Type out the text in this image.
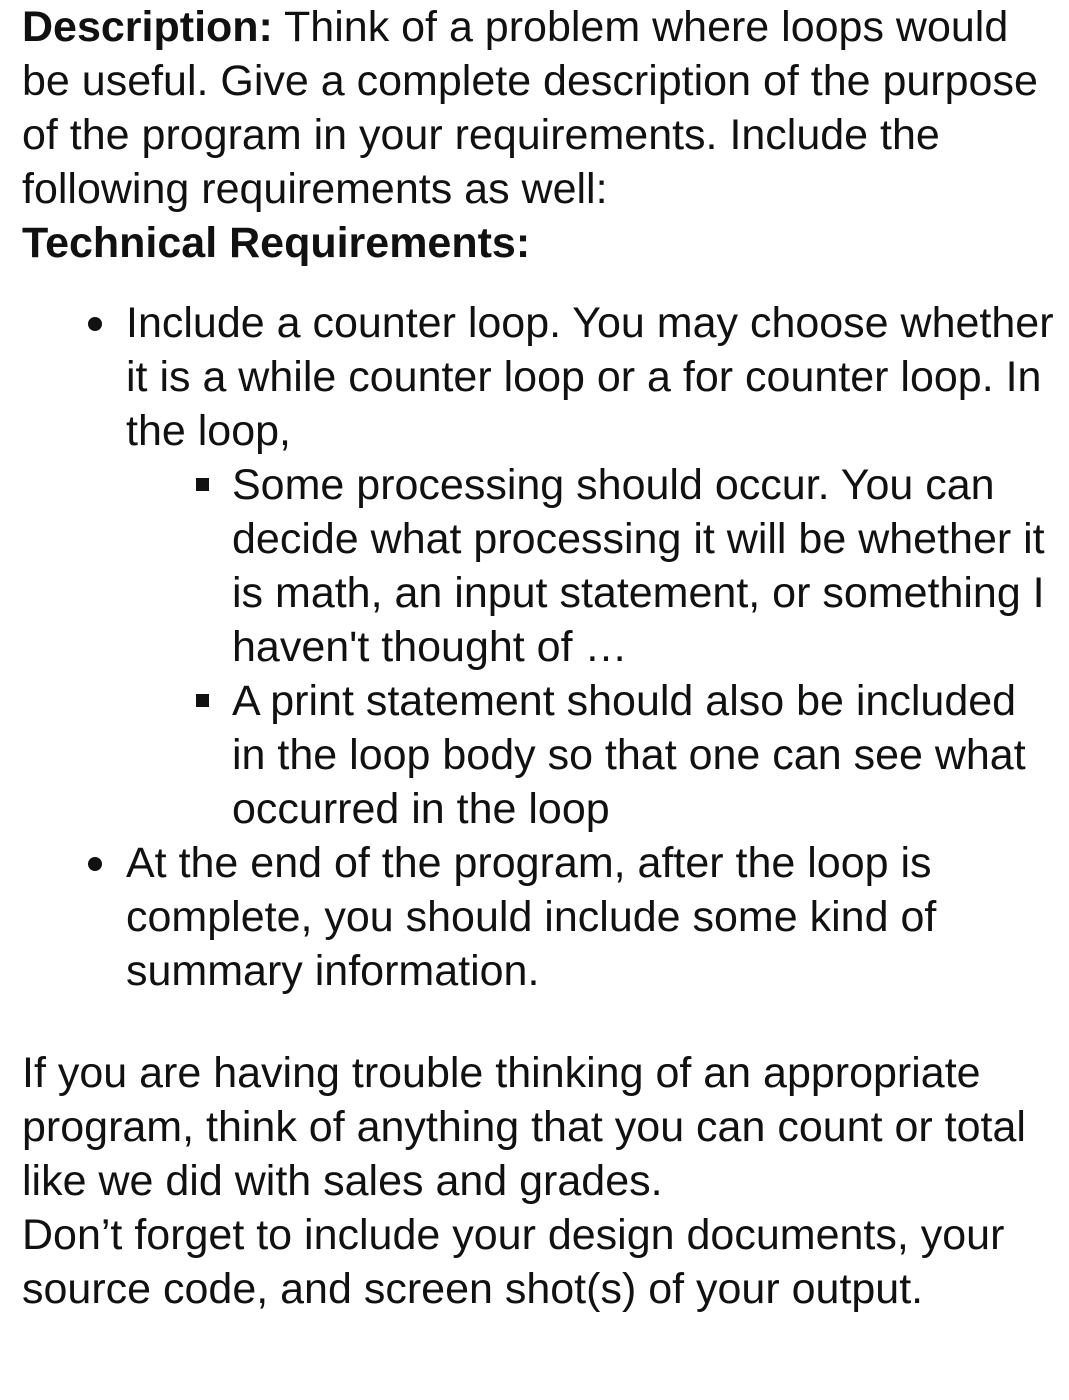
Description: Think of a problem where loops would be useful. Give a complete description of the purpose of the program in your requirements. Include the following requirements as well:

Technical Requirements:

Include a counter loop. You may choose whether it is a while counter loop or a for counter loop. In the loop,
Some processing should occur. You can decide what processing it will be whether it is math, an input statement, or something I haven't thought of …
A print statement should also be included in the loop body so that one can see what occurred in the loop
At the end of the program, after the loop is complete, you should include some kind of summary information.

If you are having trouble thinking of an appropriate program, think of anything that you can count or total like we did with sales and grades.

Don’t forget to include your design documents, your source code, and screen shot(s) of your output.
